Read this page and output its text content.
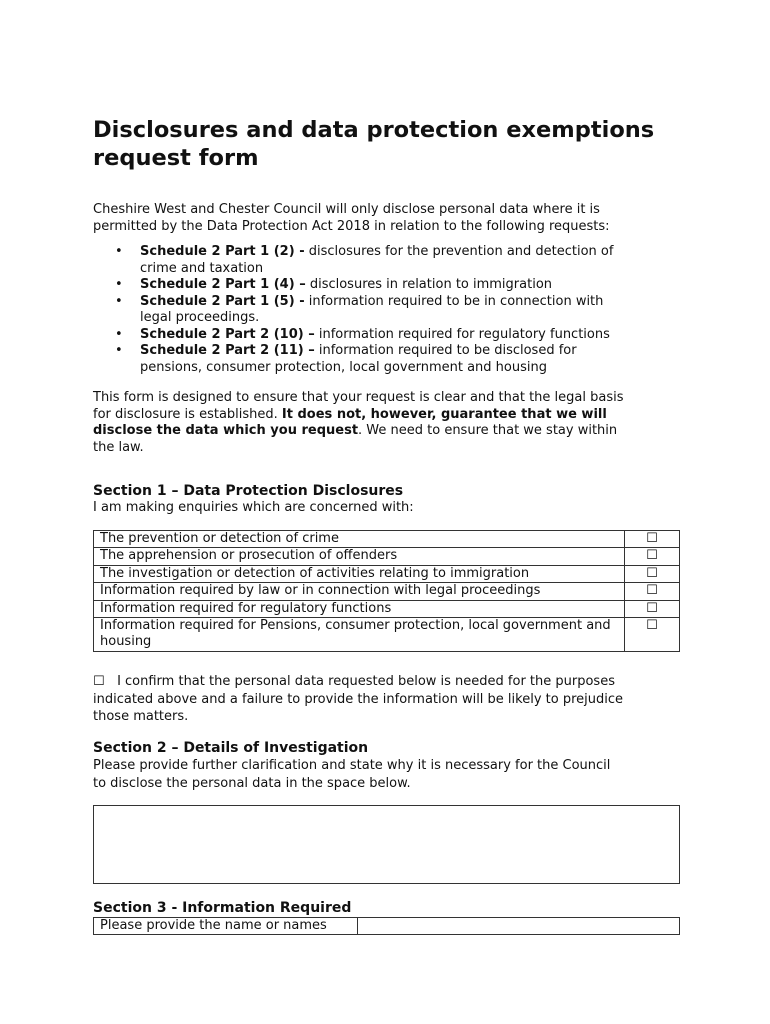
Disclosures and data protection exemptions
request form

Cheshire West and Chester Council will only disclose personal data where it is
permitted by the Data Protection Act 2018 in relation to the following requests:

• Schedule 2 Part 1 (2) - disclosures for the prevention and detection of
crime and taxation
• Schedule 2 Part 1 (4) – disclosures in relation to immigration
• Schedule 2 Part 1 (5) - information required to be in connection with
legal proceedings.
• Schedule 2 Part 2 (10) – information required for regulatory functions
• Schedule 2 Part 2 (11) – information required to be disclosed for
pensions, consumer protection, local government and housing

This form is designed to ensure that your request is clear and that the legal basis
for disclosure is established. It does not, however, guarantee that we will
disclose the data which you request. We need to ensure that we stay within
the law.

Section 1 – Data Protection Disclosures

I am making enquiries which are concerned with:

The prevention or detection of crime	☐
The apprehension or prosecution of offenders	☐
The investigation or detection of activities relating to immigration	☐
Information required by law or in connection with legal proceedings	☐
Information required for regulatory functions	☐
Information required for Pensions, consumer protection, local government and housing	☐

☐ I confirm that the personal data requested below is needed for the purposes
indicated above and a failure to provide the information will be likely to prejudice
those matters.

Section 2 – Details of Investigation

Please provide further clarification and state why it is necessary for the Council
to disclose the personal data in the space below.

Section 3 - Information Required
Please provide the name or names	
